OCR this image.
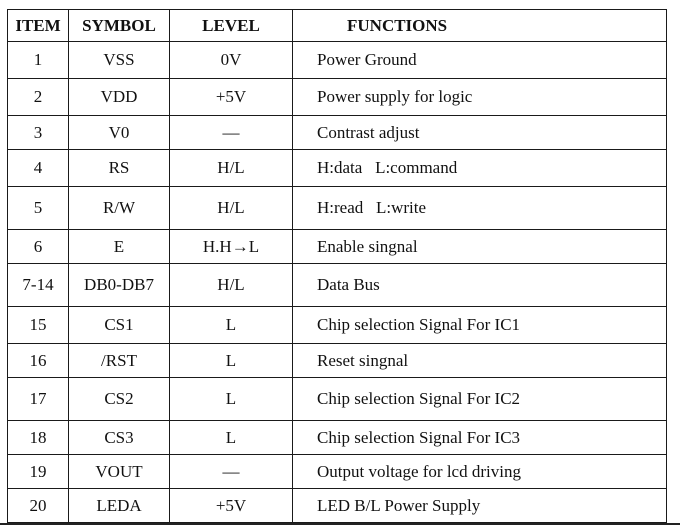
ITEM	SYMBOL	LEVEL	FUNCTIONS
1	VSS	0V	Power Ground
2	VDD	+5V	Power supply for logic
3	V0	—	Contrast adjust
4	RS	H/L	H:data   L:command
5	R/W	H/L	H:read   L:write
6	E	H.H→L	Enable singnal
7-14	DB0-DB7	H/L	Data Bus
15	CS1	L	Chip selection Signal For IC1
16	/RST	L	Reset singnal
17	CS2	L	Chip selection Signal For IC2
18	CS3	L	Chip selection Signal For IC3
19	VOUT	—	Output voltage for lcd driving
20	LEDA	+5V	LED B/L Power Supply
